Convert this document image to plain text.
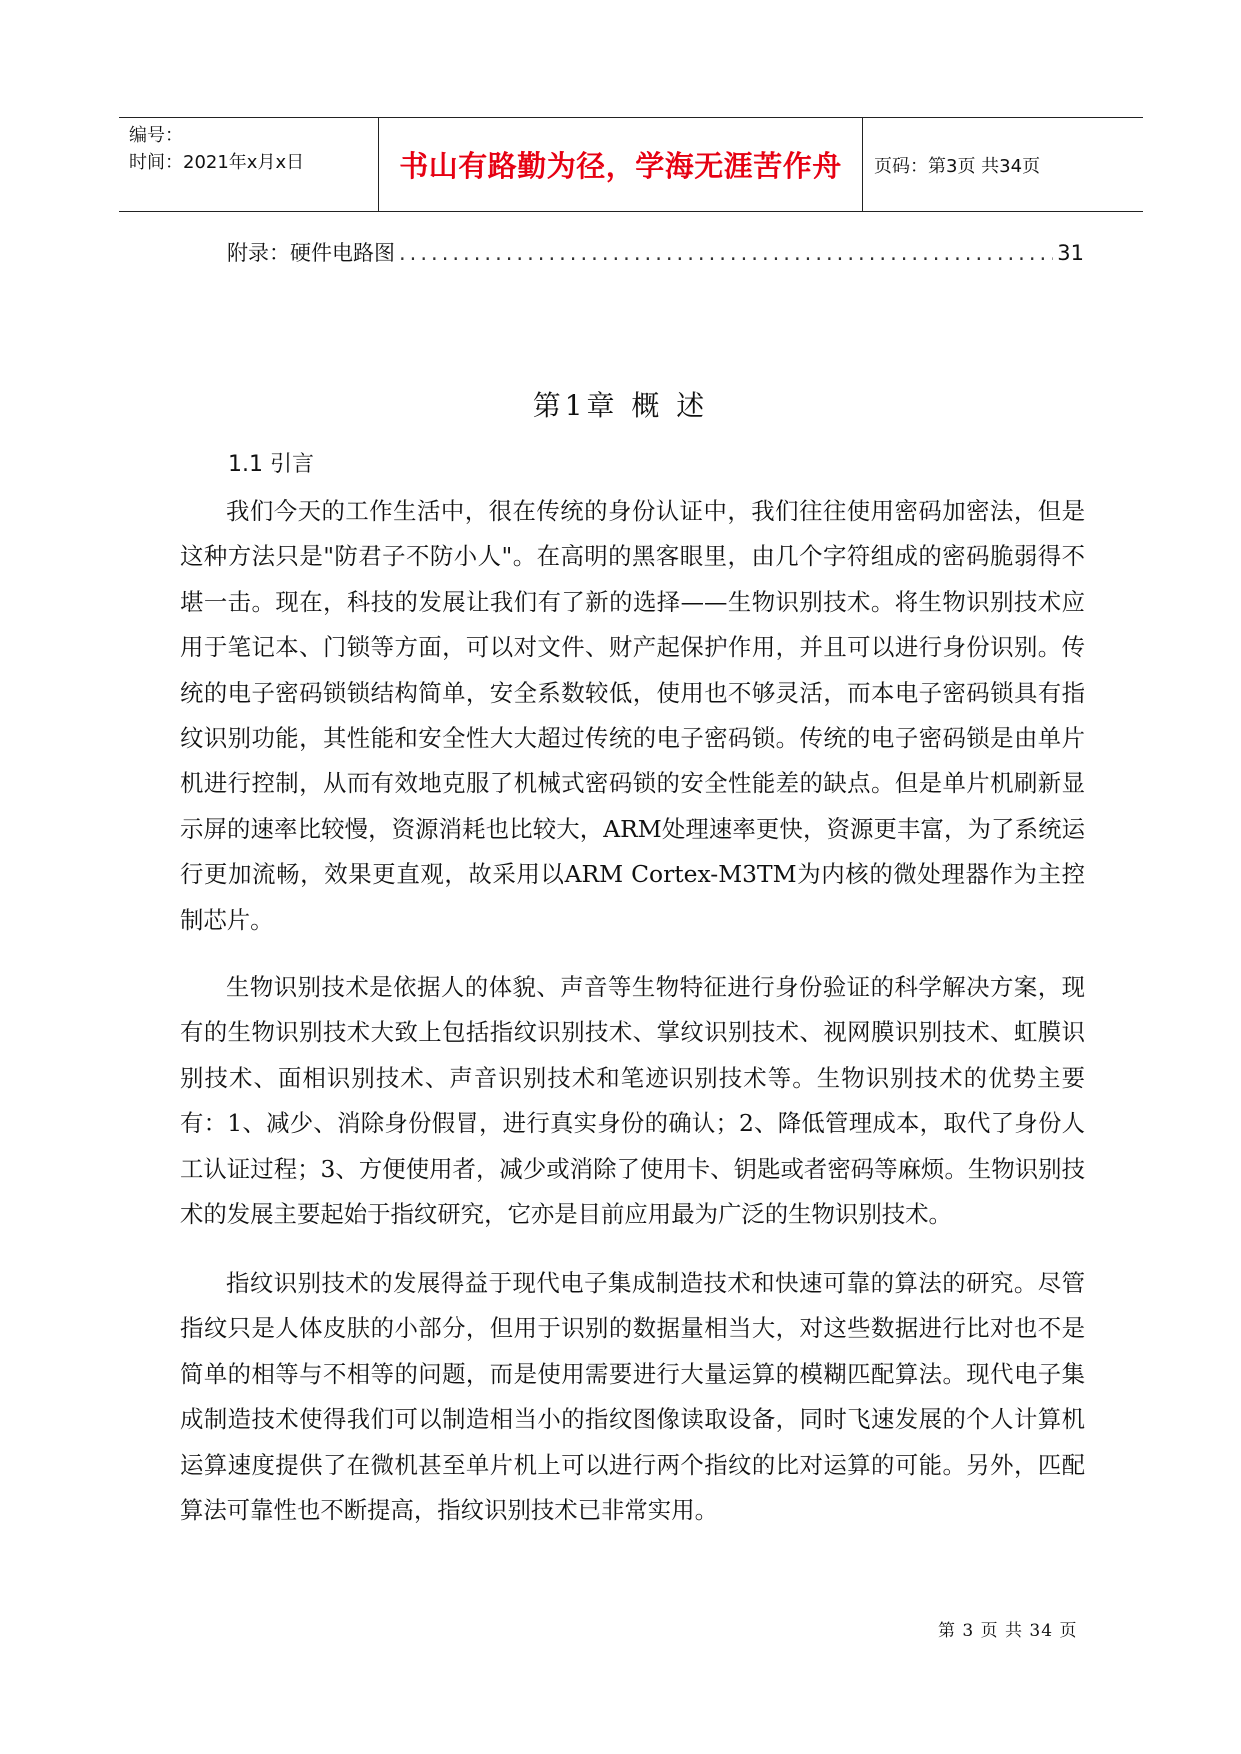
编号：
时间：2021年x月x日	书山有路勤为径，学海无涯苦作舟	页码：第3页 共34页
附录：硬件电路图
.....	31
第1章 概 述
1.1 引言

我们今天的工作生活中，很在传统的身份认证中，我们往往使用密码加密法，但是这种方法只是"防君子不防小人"。在高明的黑客眼里，由几个字符组成的密码脆弱得不堪一击。现在，科技的发展让我们有了新的选择——生物识别技术。将生物识别技术应用于笔记本、门锁等方面，可以对文件、财产起保护作用，并且可以进行身份识别。传统的电子密码锁锁结构简单，安全系数较低，使用也不够灵活，而本电子密码锁具有指纹识别功能，其性能和安全性大大超过传统的电子密码锁。传统的电子密码锁是由单片机进行控制，从而有效地克服了机械式密码锁的安全性能差的缺点。但是单片机刷新显示屏的速率比较慢，资源消耗也比较大，ARM处理速率更快，资源更丰富，为了系统运行更加流畅，效果更直观，故采用以ARM Cortex-M3TM为内核的微处理器作为主控制芯片。

生物识别技术是依据人的体貌、声音等生物特征进行身份验证的科学解决方案，现有的生物识别技术大致上包括指纹识别技术、掌纹识别技术、视网膜识别技术、虹膜识别技术、面相识别技术、声音识别技术和笔迹识别技术等。生物识别技术的优势主要有：1、减少、消除身份假冒，进行真实身份的确认；2、降低管理成本，取代了身份人工认证过程；3、方便使用者，减少或消除了使用卡、钥匙或者密码等麻烦。生物识别技术的发展主要起始于指纹研究，它亦是目前应用最为广泛的生物识别技术。

指纹识别技术的发展得益于现代电子集成制造技术和快速可靠的算法的研究。尽管指纹只是人体皮肤的小部分，但用于识别的数据量相当大，对这些数据进行比对也不是简单的相等与不相等的问题，而是使用需要进行大量运算的模糊匹配算法。现代电子集成制造技术使得我们可以制造相当小的指纹图像读取设备，同时飞速发展的个人计算机运算速度提供了在微机甚至单片机上可以进行两个指纹的比对运算的可能。另外，匹配算法可靠性也不断提高，指纹识别技术已非常实用。

第 3 页 共 34 页
